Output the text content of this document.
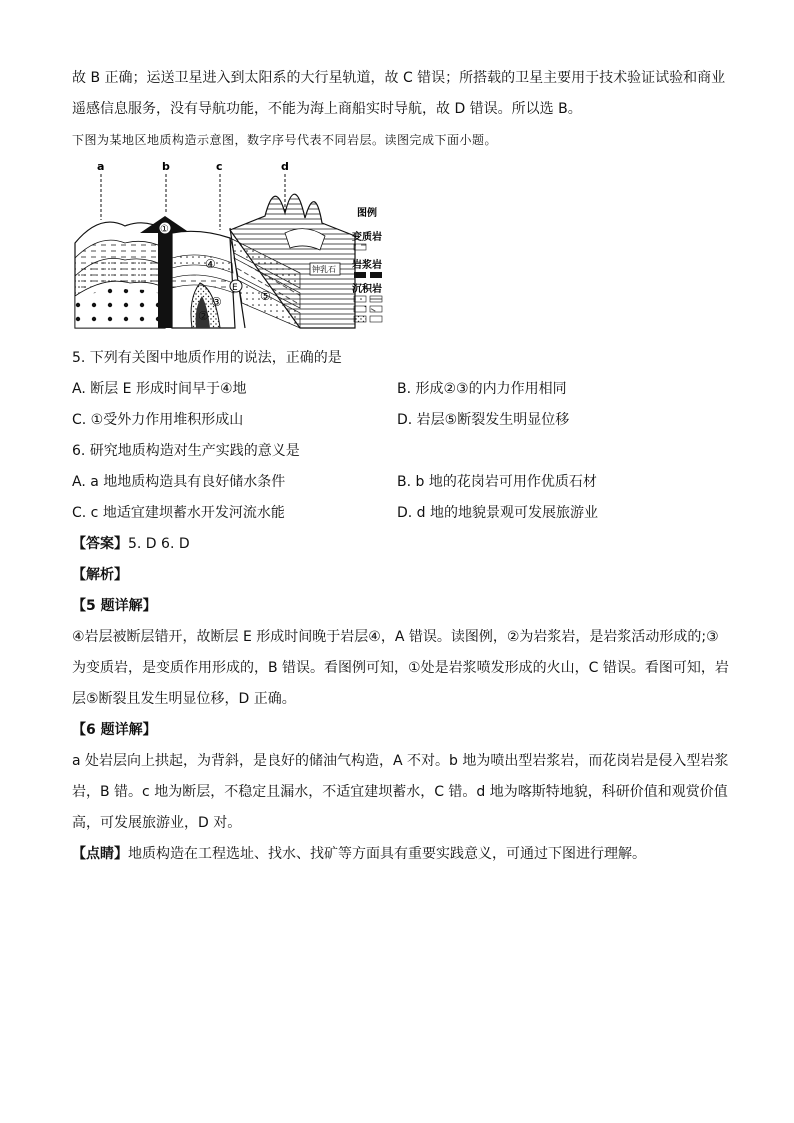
故 B 正确；运送卫星进入到太阳系的大行星轨道，故 C 错误；所搭载的卫星主要用于技术验证试验和商业
遥感信息服务，没有导航功能，不能为海上商船实时导航，故 D 错误。所以选 B。
下图为某地区地质构造示意图，数字序号代表不同岩层。读图完成下面小题。
钟乳石
a	b	c	d
①
②
③
④
⑤
E
图例
变质岩
岩浆岩
沉积岩
5. 下列有关图中地质作用的说法，正确的是
A. 断层 E 形成时间早于④地	B. 形成②③的内力作用相同
C. ①受外力作用堆积形成山	D. 岩层⑤断裂发生明显位移
6. 研究地质构造对生产实践的意义是
A. a 地地质构造具有良好储水条件	B. b 地的花岗岩可用作优质石材
C. c 地适宜建坝蓄水开发河流水能	D. d 地的地貌景观可发展旅游业
【答案】5. D 6. D
【解析】
【5 题详解】
④岩层被断层错开，故断层 E 形成时间晚于岩层④，A 错误。读图例，②为岩浆岩，是岩浆活动形成的;③
为变质岩，是变质作用形成的，B 错误。看图例可知，①处是岩浆喷发形成的火山，C 错误。看图可知，岩
层⑤断裂且发生明显位移，D 正确。
【6 题详解】
a 处岩层向上拱起，为背斜，是良好的储油气构造，A 不对。b 地为喷出型岩浆岩，而花岗岩是侵入型岩浆
岩，B 错。c 地为断层，不稳定且漏水，不适宜建坝蓄水，C 错。d 地为喀斯特地貌，科研价值和观赏价值
高，可发展旅游业，D 对。
【点睛】地质构造在工程选址、找水、找矿等方面具有重要实践意义，可通过下图进行理解。
